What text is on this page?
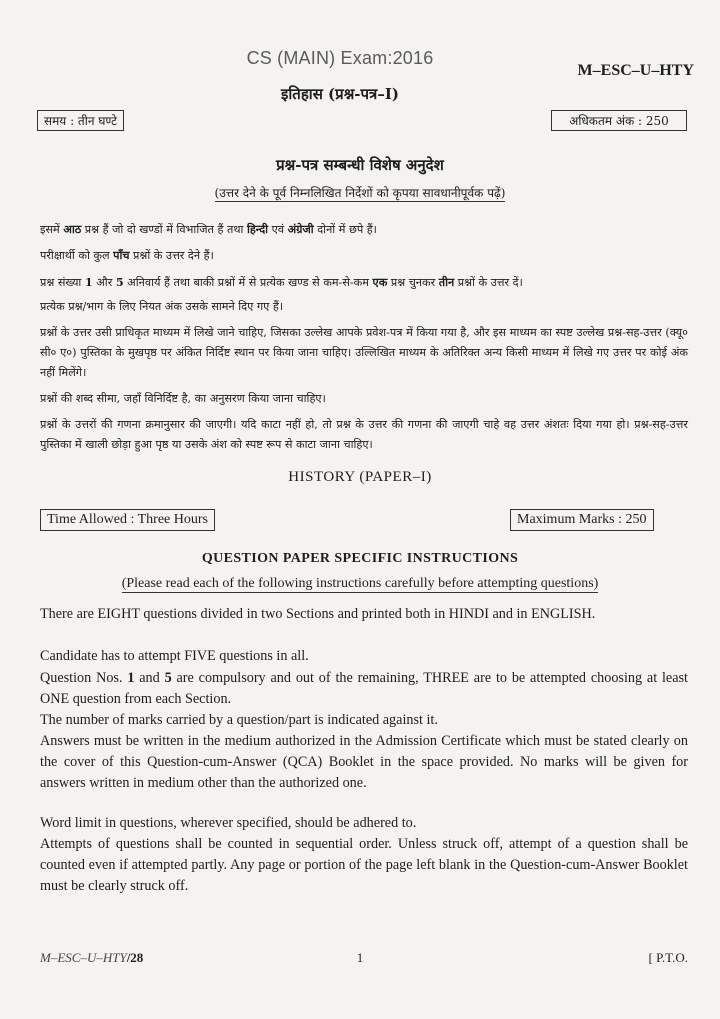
CS (MAIN) Exam:2016
M–ESC–U–HTY
इतिहास (प्रश्न-पत्र–I)
समय : तीन घण्टे	अधिकतम अंक : 250
प्रश्न-पत्र सम्बन्धी विशेष अनुदेश
(उत्तर देने के पूर्व निम्नलिखित निर्देशों को कृपया सावधानीपूर्वक पढ़ें)
इसमें आठ प्रश्न हैं जो दो खण्डों में विभाजित हैं तथा हिन्दी एवं अंग्रेजी दोनों में छपे हैं।
परीक्षार्थी को कुल पाँच प्रश्नों के उत्तर देने हैं।
प्रश्न संख्या 1 और 5 अनिवार्य हैं तथा बाकी प्रश्नों में से प्रत्येक खण्ड से कम-से-कम एक प्रश्न चुनकर तीन प्रश्नों के उत्तर दें।
प्रत्येक प्रश्न/भाग के लिए नियत अंक उसके सामने दिए गए हैं।
प्रश्नों के उत्तर उसी प्राधिकृत माध्यम में लिखे जाने चाहिए, जिसका उल्लेख आपके प्रवेश-पत्र में किया गया है, और इस माध्यम का स्पष्ट उल्लेख प्रश्न-सह-उत्तर (क्यू० सी० ए०) पुस्तिका के मुखपृष्ठ पर अंकित निर्दिष्ट स्थान पर किया जाना चाहिए। उल्लिखित माध्यम के अतिरिक्त अन्य किसी माध्यम में लिखे गए उत्तर पर कोई अंक नहीं मिलेंगे।
प्रश्नों की शब्द सीमा, जहाँ विनिर्दिष्ट है, का अनुसरण किया जाना चाहिए।
प्रश्नों के उत्तरों की गणना क्रमानुसार की जाएगी। यदि काटा नहीं हो, तो प्रश्न के उत्तर की गणना की जाएगी चाहे वह उत्तर अंशतः दिया गया हो। प्रश्न-सह-उत्तर पुस्तिका में खाली छोड़ा हुआ पृष्ठ या उसके अंश को स्पष्ट रूप से काटा जाना चाहिए।
HISTORY (PAPER–I)
Time Allowed : Three Hours	Maximum Marks : 250
QUESTION PAPER SPECIFIC INSTRUCTIONS
(Please read each of the following instructions carefully before attempting questions)
There are EIGHT questions divided in two Sections and printed both in HINDI and in ENGLISH.
Candidate has to attempt FIVE questions in all.
Question Nos. 1 and 5 are compulsory and out of the remaining, THREE are to be attempted choosing at least ONE question from each Section.
The number of marks carried by a question/part is indicated against it.
Answers must be written in the medium authorized in the Admission Certificate which must be stated clearly on the cover of this Question-cum-Answer (QCA) Booklet in the space provided. No marks will be given for answers written in medium other than the authorized one.
Word limit in questions, wherever specified, should be adhered to.
Attempts of questions shall be counted in sequential order. Unless struck off, attempt of a question shall be counted even if attempted partly. Any page or portion of the page left blank in the Question-cum-Answer Booklet must be clearly struck off.
M–ESC–U–HTY/28	1	[ P.T.O.
